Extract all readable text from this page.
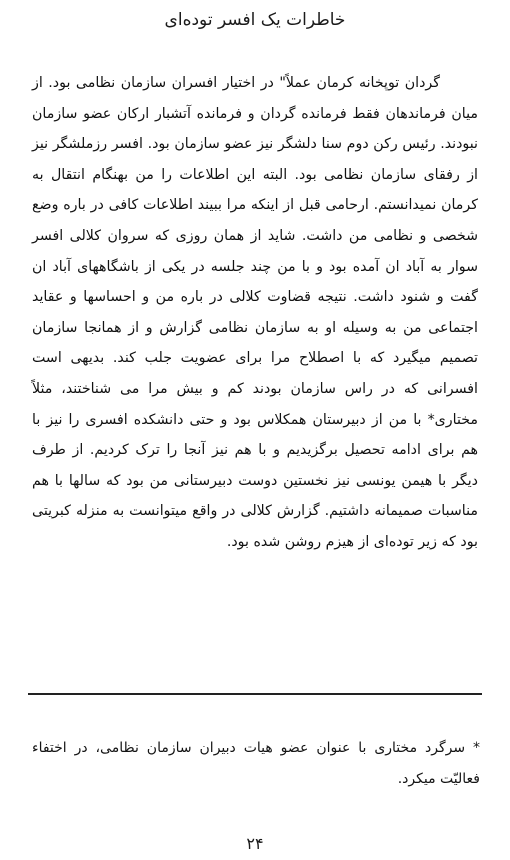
خاطرات یک افسر توده‌ای

گردان توپخانه کرمان عملاً" در اختیار افسران سازمان نظامی بود. از میان فرماندهان فقط فرمانده گردان و فرمانده آتشبار ارکان عضو سازمان نبودند. رئیس رکن دوم سنا دلشگر نیز عضو سازمان بود. افسر رزملشگر نیز از رفقای سازمان نظامی بود. البته این اطلاعات را من بهنگام انتقال به کرمان نمیدانستم. ارحامی قبل از اینکه مرا ببیند اطلاعات کافی در باره وضع شخصی و نظامی من داشت. شاید از همان روزی که سروان کلالی افسر سوار به آباد ان آمده بود و با من چند جلسه در یکی از باشگاههای آباد ان گفت و شنود داشت. نتیجه قضاوت کلالی در باره من و احساسها و عقاید اجتماعی من به وسیله او به سازمان نظامی گزارش و از همانجا سازمان تصمیم میگیرد که با اصطلاح مرا برای عضویت جلب کند. بدیهی است افسرانی که در راس سازمان بودند کم و بیش مرا می شناختند، مثلاً مختاری* با من از دبیرستان همکلاس بود و حتی دانشکده افسری را نیز با هم برای ادامه تحصیل برگزیدیم و با هم نیز آنجا را ترک کردیم. از طرف دیگر با هیمن یونسی نیز نخستین دوست دبیرستانی من بود که سالها با هم مناسبات صمیمانه داشتیم. گزارش کلالی در واقع میتوانست به منزله کبریتی بود که زیر توده‌ای از هیزم روشن شده بود.

* سرگرد مختاری با عنوان عضو هیات دبیران سازمان نظامی، در اختفاء فعالیّت میکرد.

۲۴
